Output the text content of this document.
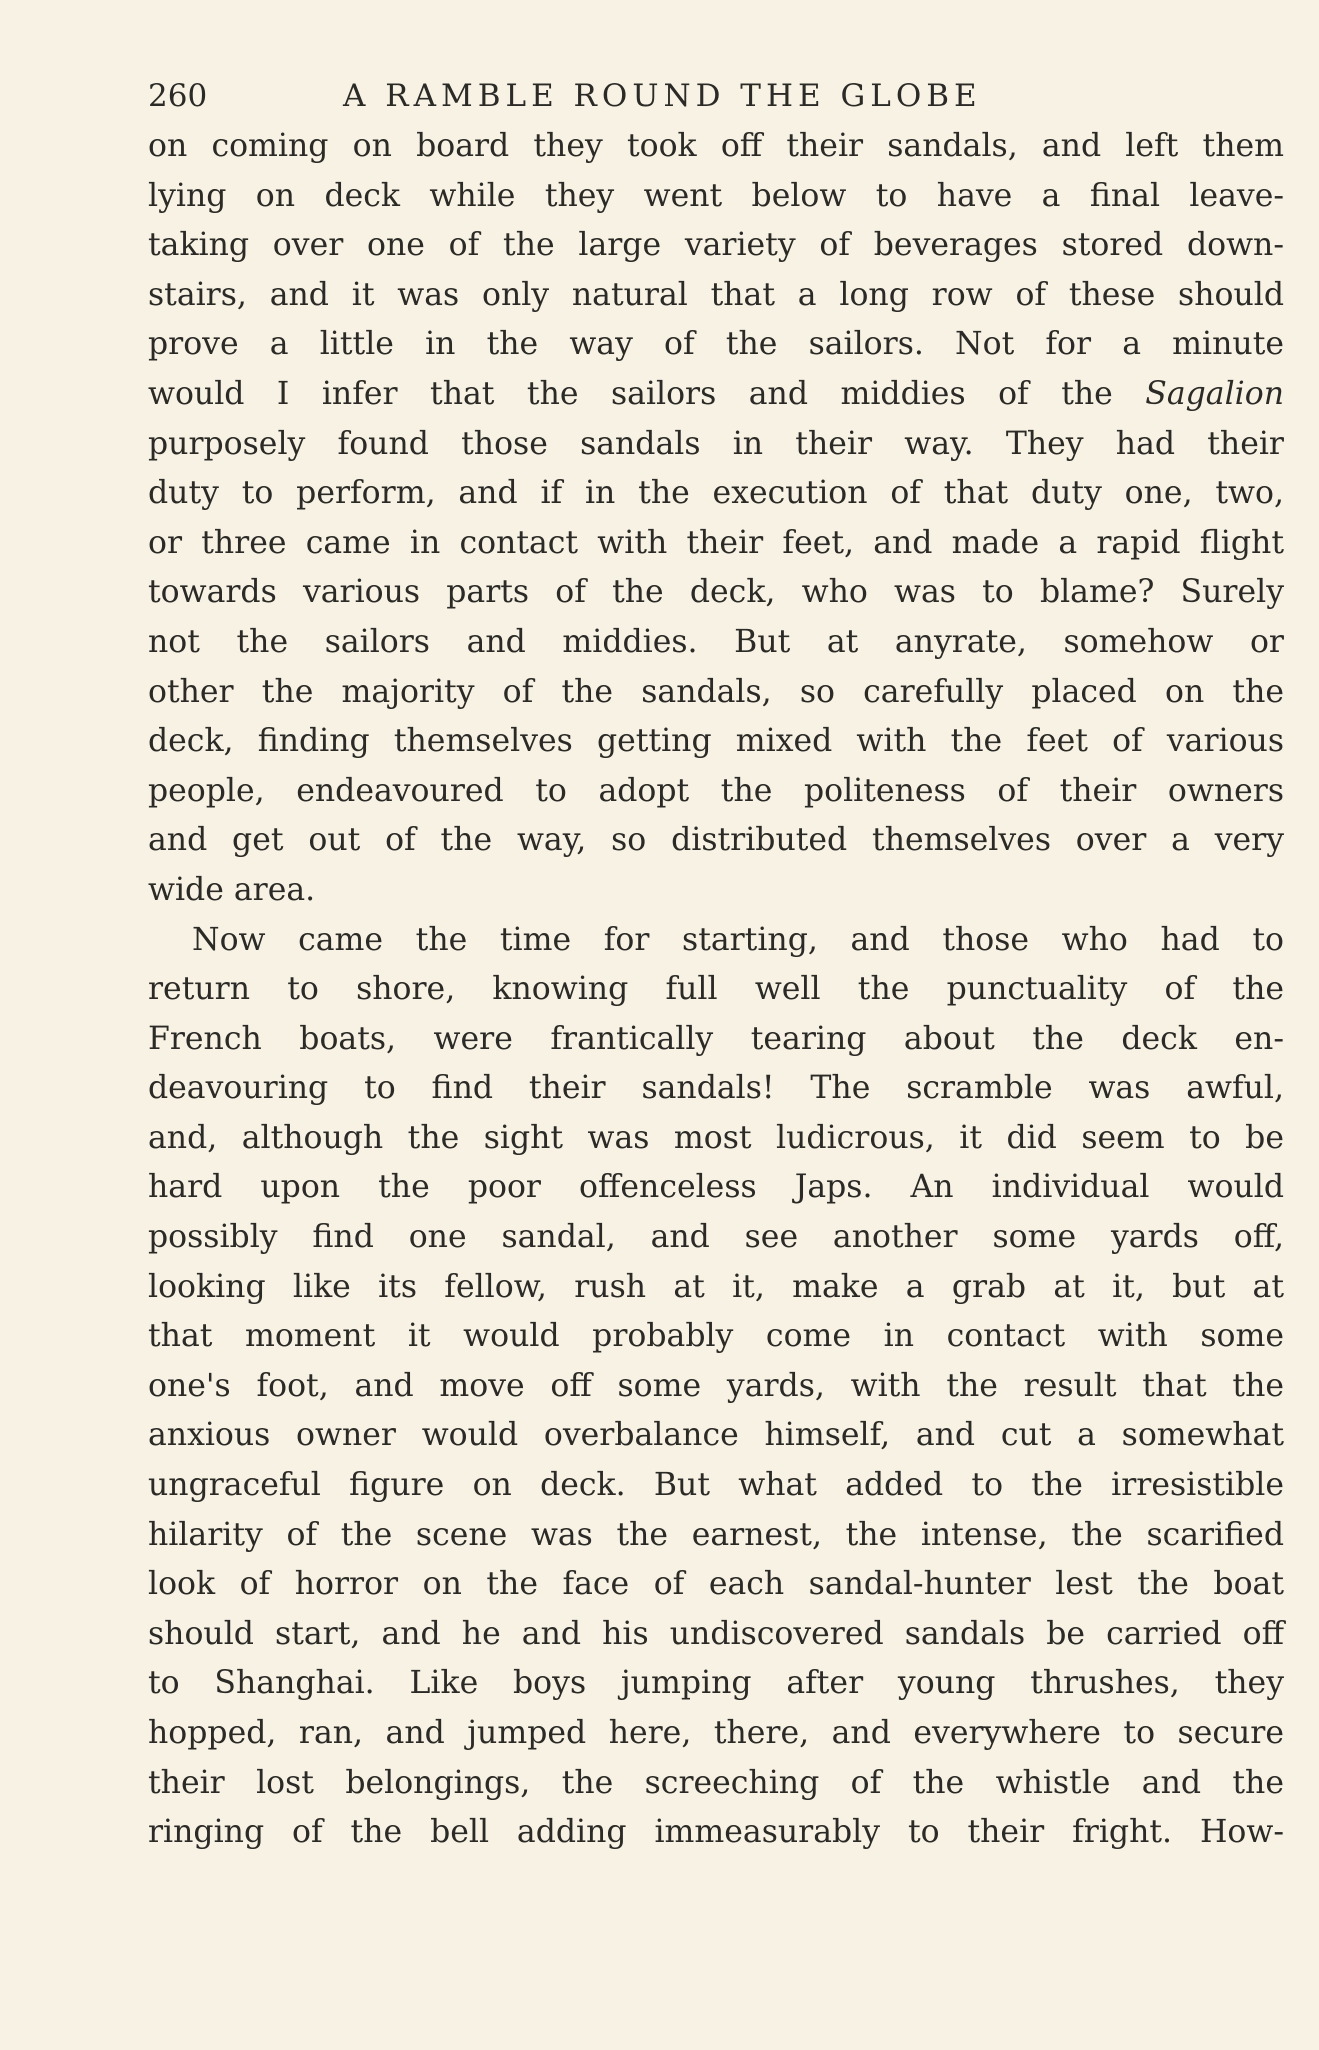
260	A RAMBLE ROUND THE GLOBE
on coming on board they took off their sandals, and left them
lying on deck while they went below to have a final leave-
taking over one of the large variety of beverages stored down-
stairs, and it was only natural that a long row of these should
prove a little in the way of the sailors. Not for a minute
would I infer that the sailors and middies of the Sagalion
purposely found those sandals in their way. They had their
duty to perform, and if in the execution of that duty one, two,
or three came in contact with their feet, and made a rapid flight
towards various parts of the deck, who was to blame? Surely
not the sailors and middies. But at anyrate, somehow or
other the majority of the sandals, so carefully placed on the
deck, finding themselves getting mixed with the feet of various
people, endeavoured to adopt the politeness of their owners
and get out of the way, so distributed themselves over a very
wide area.
Now came the time for starting, and those who had to
return to shore, knowing full well the punctuality of the
French boats, were frantically tearing about the deck en-
deavouring to find their sandals! The scramble was awful,
and, although the sight was most ludicrous, it did seem to be
hard upon the poor offenceless Japs. An individual would
possibly find one sandal, and see another some yards off,
looking like its fellow, rush at it, make a grab at it, but at
that moment it would probably come in contact with some
one's foot, and move off some yards, with the result that the
anxious owner would overbalance himself, and cut a somewhat
ungraceful figure on deck. But what added to the irresistible
hilarity of the scene was the earnest, the intense, the scarified
look of horror on the face of each sandal-hunter lest the boat
should start, and he and his undiscovered sandals be carried off
to Shanghai. Like boys jumping after young thrushes, they
hopped, ran, and jumped here, there, and everywhere to secure
their lost belongings, the screeching of the whistle and the
ringing of the bell adding immeasurably to their fright. How-
